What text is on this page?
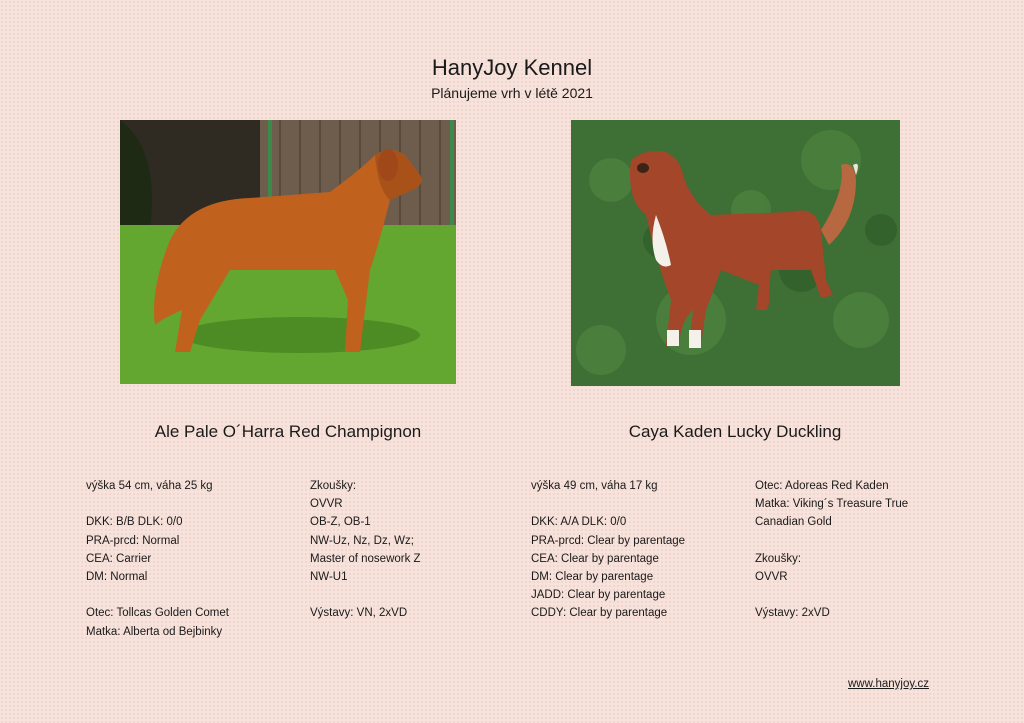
HanyJoy Kennel
Plánujeme vrh v létě 2021
Ale Pale O´Harra Red Champignon	Caya Kaden Lucky Duckling
výška 54 cm, váha 25 kg
DKK: B/B DLK: 0/0
PRA-prcd: Normal
CEA: Carrier
DM: Normal
Otec: Tollcas Golden Comet
Matka: Alberta od Bejbinky
Zkoušky:
OVVR
OB-Z, OB-1
NW-Uz, Nz, Dz, Wz;
Master of nosework Z
NW-U1
Výstavy: VN, 2xVD
výška 49 cm, váha 17 kg
DKK: A/A DLK: 0/0
PRA-prcd: Clear by parentage
CEA: Clear by parentage
DM: Clear by parentage
JADD: Clear by parentage
CDDY: Clear by parentage
Otec: Adoreas Red Kaden
Matka: Viking´s Treasure True
Canadian Gold
Zkoušky:
OVVR
Výstavy: 2xVD
www.hanyjoy.cz
